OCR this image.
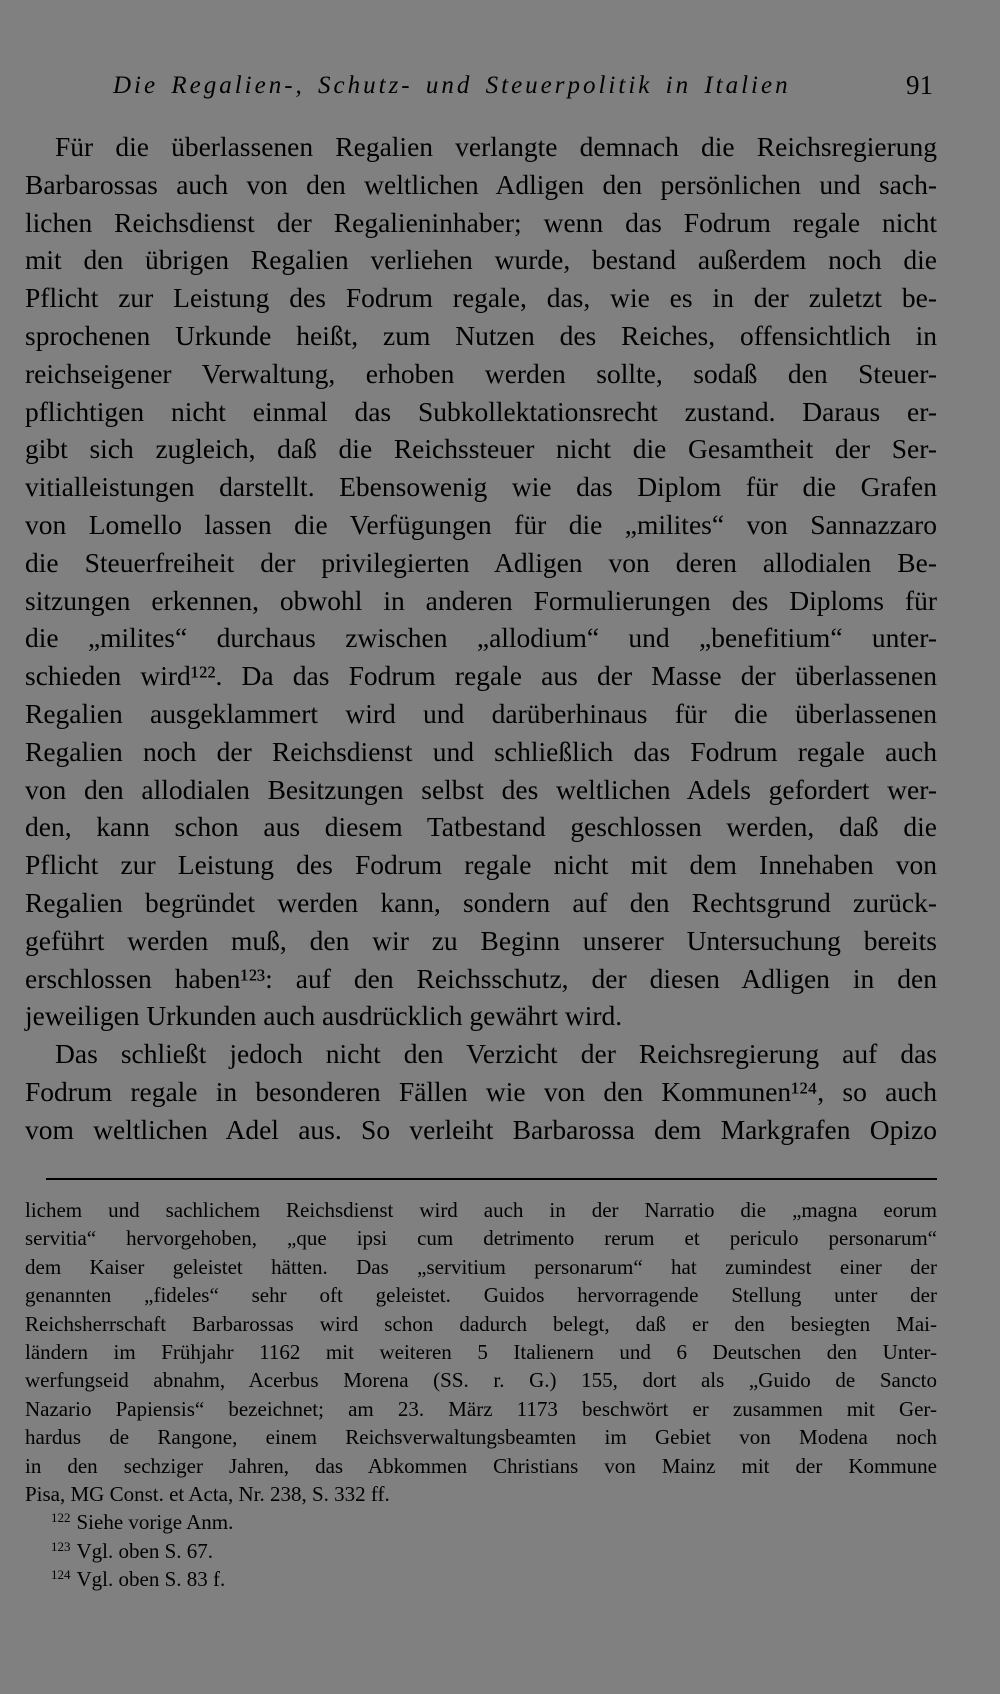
Die Regalien-, Schutz- und Steuerpolitik in Italien	91
Für die überlassenen Regalien verlangte demnach die Reichsregierung
Barbarossas auch von den weltlichen Adligen den persönlichen und sach-
lichen Reichsdienst der Regalieninhaber; wenn das Fodrum regale nicht
mit den übrigen Regalien verliehen wurde, bestand außerdem noch die
Pflicht zur Leistung des Fodrum regale, das, wie es in der zuletzt be-
sprochenen Urkunde heißt, zum Nutzen des Reiches, offensichtlich in
reichseigener Verwaltung, erhoben werden sollte, sodaß den Steuer-
pflichtigen nicht einmal das Subkollektationsrecht zustand. Daraus er-
gibt sich zugleich, daß die Reichssteuer nicht die Gesamtheit der Ser-
vitialleistungen darstellt. Ebensowenig wie das Diplom für die Grafen
von Lomello lassen die Verfügungen für die „milites“ von Sannazzaro
die Steuerfreiheit der privilegierten Adligen von deren allodialen Be-
sitzungen erkennen, obwohl in anderen Formulierungen des Diploms für
die „milites“ durchaus zwischen „allodium“ und „benefitium“ unter-
schieden wird¹²². Da das Fodrum regale aus der Masse der überlassenen
Regalien ausgeklammert wird und darüberhinaus für die überlassenen
Regalien noch der Reichsdienst und schließlich das Fodrum regale auch
von den allodialen Besitzungen selbst des weltlichen Adels gefordert wer-
den, kann schon aus diesem Tatbestand geschlossen werden, daß die
Pflicht zur Leistung des Fodrum regale nicht mit dem Innehaben von
Regalien begründet werden kann, sondern auf den Rechtsgrund zurück-
geführt werden muß, den wir zu Beginn unserer Untersuchung bereits
erschlossen haben¹²³: auf den Reichsschutz, der diesen Adligen in den
jeweiligen Urkunden auch ausdrücklich gewährt wird.
Das schließt jedoch nicht den Verzicht der Reichsregierung auf das
Fodrum regale in besonderen Fällen wie von den Kommunen¹²⁴, so auch
vom weltlichen Adel aus. So verleiht Barbarossa dem Markgrafen Opizo
lichem und sachlichem Reichsdienst wird auch in der Narratio die „magna eorum
servitia“ hervorgehoben, „que ipsi cum detrimento rerum et periculo personarum“
dem Kaiser geleistet hätten. Das „servitium personarum“ hat zumindest einer der
genannten „fideles“ sehr oft geleistet. Guidos hervorragende Stellung unter der
Reichsherrschaft Barbarossas wird schon dadurch belegt, daß er den besiegten Mai-
ländern im Frühjahr 1162 mit weiteren 5 Italienern und 6 Deutschen den Unter-
werfungseid abnahm, Acerbus Morena (SS. r. G.) 155, dort als „Guido de Sancto
Nazario Papiensis“ bezeichnet; am 23. März 1173 beschwört er zusammen mit Ger-
hardus de Rangone, einem Reichsverwaltungsbeamten im Gebiet von Modena noch
in den sechziger Jahren, das Abkommen Christians von Mainz mit der Kommune
Pisa, MG Const. et Acta, Nr. 238, S. 332 ff.
$^{122}$ Siehe vorige Anm.
$^{123}$ Vgl. oben S. 67.
$^{124}$ Vgl. oben S. 83 f.
